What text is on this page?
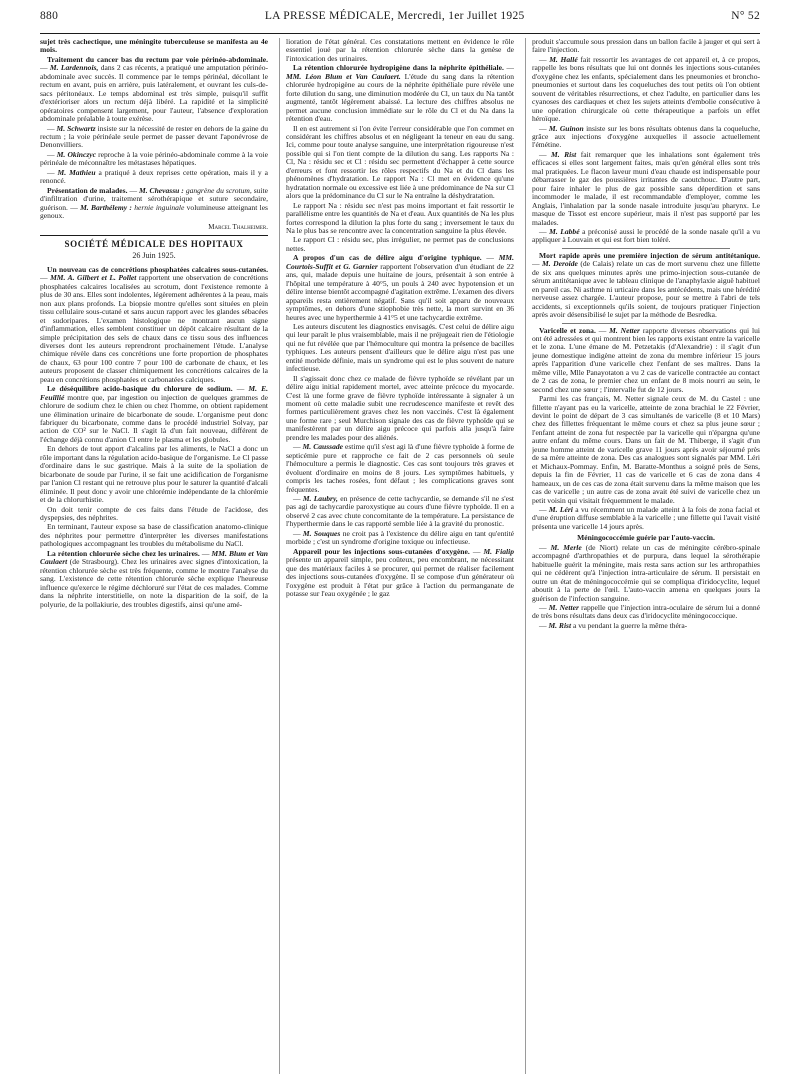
880	LA PRESSE MÉDICALE, Mercredi, 1er Juillet 1925	N° 52

sujet très cachectique, une méningite tuberculeuse se manifesta au 4e mois.

Traitement du cancer bas du rectum par voie périnéo-abdominale. — M. Lardennois, dans 2 cas récents, a pratiqué une amputation périnéo-abdominale avec succès. Il commence par le temps périnéal, décollant le rectum en avant, puis en arrière, puis latéralement, et ouvrant les culs-de-sacs péritonéaux. Le temps abdominal est très simple, puisqu'il suffit d'extérioriser alors un rectum déjà libéré. La rapidité et la simplicité opératoires compensent largement, pour l'auteur, l'absence d'exploration abdominale préalable à toute exérèse.

— M. Schwartz insiste sur la nécessité de rester en dehors de la gaine du rectum ; la voie périnéale seule permet de passer devant l'aponévrose de Denonvilliers.

— M. Okinczyc reproche à la voie périnéo-abdominale comme à la voie périnéale de méconnaître les métastases hépatiques.

— M. Mathieu a pratiqué à deux reprises cette opération, mais il y a renoncé.

Présentation de malades. — M. Chevassu : gangrène du scrotum, suite d'infiltration d'urine, traitement sérothérapique et suture secondaire, guérison. — M. Barthélemy : hernie inguinale volumineuse atteignant les genoux.

Marcel Thalheimer.
SOCIÉTÉ MÉDICALE DES HOPITAUX
26 Juin 1925.

Un nouveau cas de concrétions phosphatées calcaires sous-cutanées. — MM. A. Gilbert et L. Pollet rapportent une observation de concrétions phosphatées calcaires localisées au scrotum, dont l'existence remonte à plus de 30 ans. Elles sont indolentes, légèrement adhérentes à la peau, mais non aux plans profonds. La biopsie montre qu'elles sont situées en plein tissu cellulaire sous-cutané et sans aucun rapport avec les glandes sébacées et sudoripares. L'examen histologique ne montrant aucun signe d'inflammation, elles semblent constituer un dépôt calcaire résultant de la simple précipitation des sels de chaux dans ce tissu sous des influences diverses dont les auteurs reprendront prochainement l'étude. L'analyse chimique révèle dans ces concrétions une forte proportion de phosphates de chaux, 63 pour 100 contre 7 pour 100 de carbonate de chaux, et les auteurs proposent de classer chimiquement les concrétions calcaires de la peau en concrétions phosphatées et carbonatées calciques.

Le déséquilibre acido-basique du chlorure de sodium. — M. E. Feuillié montre que, par ingestion ou injection de quelques grammes de chlorure de sodium chez le chien ou chez l'homme, on obtient rapidement une élimination urinaire de bicarbonate de soude. L'organisme peut donc fabriquer du bicarbonate, comme dans le procédé industriel Solvay, par action de CO² sur le NaCl. Il s'agit là d'un fait nouveau, différent de l'échange déjà connu d'anion Cl entre le plasma et les globules.

En dehors de tout apport d'alcalins par les aliments, le NaCl a donc un rôle important dans la régulation acido-basique de l'organisme. Le Cl passe d'ordinaire dans le suc gastrique. Mais à la suite de la spoliation de bicarbonate de soude par l'urine, il se fait une acidification de l'organisme par l'anion Cl restant qui ne retrouve plus pour le saturer la quantité d'alcali éliminée. Il peut donc y avoir une chlorémie indépendante de la chlorémie et de la chlorurhistie.

On doit tenir compte de ces faits dans l'étude de l'acidose, des dyspepsies, des néphrites.

En terminant, l'auteur expose sa base de classification anatomo-clinique des néphrites pour permettre d'interpréter les diverses manifestations pathologiques accompagnant les troubles du métabolisme du NaCl.

La rétention chlorurée sèche chez les urinaires. — MM. Blum et Van Caulaert (de Strasbourg). Chez les urinaires avec signes d'intoxication, la rétention chlorurée sèche est très fréquente, comme le montre l'analyse du sang. L'existence de cette rétention chlorurée sèche explique l'heureuse influence qu'exerce le régime déchloruré sur l'état de ces malades. Comme dans la néphrite interstitielle, on note la disparition de la soif, de la polyurie, de la pollakiurie, des troubles digestifs, ainsi qu'une amé-

lioration de l'état général. Ces constatations mettent en évidence le rôle essentiel joué par la rétention chlorurée sèche dans la genèse de l'intoxication des urinaires.

La rétention chlorurée hydropigène dans la néphrite épithéliale. — MM. Léon Blum et Van Caulaert. L'étude du sang dans la rétention chlorurée hydropigène au cours de la néphrite épithéliale pure révèle une forte dilution du sang, une diminution modérée du Cl, un taux du Na tantôt augmenté, tantôt légèrement abaissé. La lecture des chiffres absolus ne permet aucune conclusion immédiate sur le rôle du Cl et du Na dans la rétention d'eau.

Il en est autrement si l'on évite l'erreur considérable que l'on commet en considérant les chiffres absolus et en négligeant la teneur en eau du sang. Ici, comme pour toute analyse sanguine, une interprétation rigoureuse n'est possible qui si l'on tient compte de la dilution du sang. Les rapports Na : Cl, Na : résidu sec et Cl : résidu sec permettent d'échapper à cette source d'erreurs et font ressortir les rôles respectifs du Na et du Cl dans les phénomènes d'hydratation. Le rapport Na : Cl met en évidence qu'une hydratation normale ou excessive est liée à une prédominance de Na sur Cl alors que la prédominance du Cl sur le Na entraîne la déshydratation.

Le rapport Na : résidu sec n'est pas moins important et fait ressortir le parallélisme entre les quantités de Na et d'eau. Aux quantités de Na les plus fortes correspond la dilution la plus forte du sang ; inversement le taux du Na le plus bas se rencontre avec la concentration sanguine la plus élevée.

Le rapport Cl : résidu sec, plus irrégulier, ne permet pas de conclusions nettes.

A propos d'un cas de délire aigu d'origine typhique. — MM. Courtois-Suffit et G. Garnier rapportent l'observation d'un étudiant de 22 ans, qui, malade depuis une huitaine de jours, présentait à son entrée à l'hôpital une température à 40°5, un pouls à 240 avec hypotension et un délire intense bientôt accompagné d'agitation extrême. L'examen des divers appareils resta entièrement négatif. Sans qu'il soit apparu de nouveaux symptômes, en dehors d'une stiophobie très nette, la mort survint en 36 heures avec une hyperthermie à 41°5 et une tachycardie extrême.

Les auteurs discutent les diagnostics envisagés. C'est celui de délire aigu qui leur paraît le plus vraisemblable, mais il ne préjugeait rien de l'étiologie qui ne fut révélée que par l'hémoculture qui montra la présence de bacilles typhiques. Les auteurs pensent d'ailleurs que le délire aigu n'est pas une entité morbide définie, mais un syndrome qui est le plus souvent de nature infectieuse.

Il s'agissait donc chez ce malade de fièvre typhoïde se révélant par un délire aigu initial rapidement mortel, avec atteinte précoce du myocarde. C'est là une forme grave de fièvre typhoïde intéressante à signaler à un moment où cette maladie subit une recrudescence manifeste et revêt des formes particulièrement graves chez les non vaccinés. C'est là également une forme rare ; seul Murchison signale des cas de fièvre typhoïde qui se manifestèrent par un délire aigu précoce qui parfois alla jusqu'à faire prendre les malades pour des aliénés.

— M. Caussade estime qu'il s'est agi là d'une fièvre typhoïde à forme de septicémie pure et rapproche ce fait de 2 cas personnels où seule l'hémoculture a permis le diagnostic. Ces cas sont toujours très graves et évoluent d'ordinaire en moins de 8 jours. Les symptômes habituels, y compris les taches rosées, font défaut ; les complications graves sont fréquentes.

— M. Laubry, en présence de cette tachycardie, se demande s'il ne s'est pas agi de tachycardie paroxystique au cours d'une fièvre typhoïde. Il en a observé 2 cas avec chute concomitante de la température. La persistance de l'hyperthermie dans le cas rapporté semble liée à la gravité du pronostic.

— M. Souques ne croit pas à l'existence du délire aigu en tant qu'entité morbide ; c'est un syndrome d'origine toxique ou infectieuse.

Appareil pour les injections sous-cutanées d'oxygène. — M. Fialip présente un appareil simple, peu coûteux, peu encombrant, ne nécessitant que des matériaux faciles à se procurer, qui permet de réaliser facilement des injections sous-cutanées d'oxygène. Il se compose d'un générateur où l'oxygène est produit à l'état pur grâce à l'action du permanganate de potasse sur l'eau oxygénée ; le gaz

produit s'accumule sous pression dans un ballon facile à jauger et qui sert à faire l'injection.

— M. Hallé fait ressortir les avantages de cet appareil et, à ce propos, rappelle les bons résultats que lui ont donnés les injections sous-cutanées d'oxygène chez les enfants, spécialement dans les pneumonies et broncho-pneumonies et surtout dans les coqueluches des tout petits où l'on obtient souvent de véritables résurrections, et chez l'adulte, en particulier dans les cyanoses des cardiaques et chez les sujets atteints d'embolie consécutive à une opération chirurgicale où cette thérapeutique a parfois un effet héroïque.

— M. Guinon insiste sur les bons résultats obtenus dans la coqueluche, grâce aux injections d'oxygène auxquelles il associe actuellement l'émétine.

— M. Rist fait remarquer que les inhalations sont également très efficaces si elles sont largement faites, mais qu'en général elles sont très mal pratiquées. Le flacon laveur muni d'eau chaude est indispensable pour débarrasser le gaz des poussières irritantes de caoutchouc. D'autre part, pour faire inhaler le plus de gaz possible sans déperdition et sans incommoder le malade, il est recommandable d'employer, comme les Anglais, l'inhalation par la sonde nasale introduite jusqu'au pharynx. Le masque de Tissot est encore supérieur, mais il n'est pas supporté par les malades.

— M. Labbé a préconisé aussi le procédé de la sonde nasale qu'il a vu appliquer à Louvain et qui est fort bien toléré.

Mort rapide après une première injection de sérum antitétanique. — M. Deroide (de Calais) relate un cas de mort survenu chez une fillette de six ans quelques minutes après une primo-injection sous-cutanée de sérum antitétanique avec le tableau clinique de l'anaphylaxie aiguë habituel en pareil cas. Ni asthme ni urticaire dans les antécédents, mais une hérédité nerveuse assez chargée. L'auteur propose, pour se mettre à l'abri de tels accidents, si exceptionnels qu'ils soient, de toujours pratiquer l'injection après avoir désensibilisé le sujet par la méthode de Besredka.

Varicelle et zona. — M. Netter rapporte diverses observations qui lui ont été adressées et qui montrent bien les rapports existant entre la varicelle et le zona. L'une émane de M. Petzetakis (d'Alexandrie) : il s'agit d'un jeune domestique indigène atteint de zona du membre inférieur 15 jours après l'apparition d'une varicelle chez l'enfant de ses maîtres. Dans la même ville, Mlle Panayotaton a vu 2 cas de varicelle contractée au contact de 2 cas de zona, le premier chez un enfant de 8 mois nourri au sein, le second chez une sœur ; l'intervalle fut de 12 jours.

Parmi les cas français, M. Netter signale ceux de M. du Castel : une fillette n'ayant pas eu la varicelle, atteinte de zona brachial le 22 Février, devint le point de départ de 3 cas simultanés de varicelle (8 et 10 Mars) chez des fillettes fréquentant le même cours et chez sa plus jeune sœur ; l'enfant atteint de zona fut respectée par la varicelle qui n'épargna qu'une autre enfant du même cours. Dans un fait de M. Thiberge, il s'agit d'un jeune homme atteint de varicelle grave 11 jours après avoir séjourné près de sa mère atteinte de zona. Des cas analogues sont signalés par MM. Léri et Michaux-Pommay. Enfin, M. Baratte-Monthus a soigné près de Sens, depuis la fin de Février, 11 cas de varicelle et 6 cas de zona dans 4 hameaux, un de ces cas de zona était survenu dans la même maison que les cas de varicelle ; un autre cas de zona avait été suivi de varicelle chez un petit voisin qui visitait fréquemment le malade.

— M. Léri a vu récemment un malade atteint à la fois de zona facial et d'une éruption diffuse semblable à la varicelle ; une fillette qui l'avait visité présenta une varicelle 14 jours après.

Méningococcémie guérie par l'auto-vaccin.

— M. Merle (de Niort) relate un cas de méningite cérébro-spinale accompagné d'arthropathies et de purpura, dans lequel la sérothérapie habituelle guérit la méningite, mais resta sans action sur les arthropathies qui ne cédèrent qu'à l'injection intra-articulaire de sérum. Il persistait en outre un état de méningococcémie qui se compliqua d'iridocyclite, lequel aboutit à la perte de l'œil. L'auto-vaccin amena en quelques jours la guérison de l'infection sanguine.

— M. Netter rappelle que l'injection intra-oculaire de sérum lui a donné de très bons résultats dans deux cas d'iridocyclite méningococcique.

— M. Rist a vu pendant la guerre la même théra-
